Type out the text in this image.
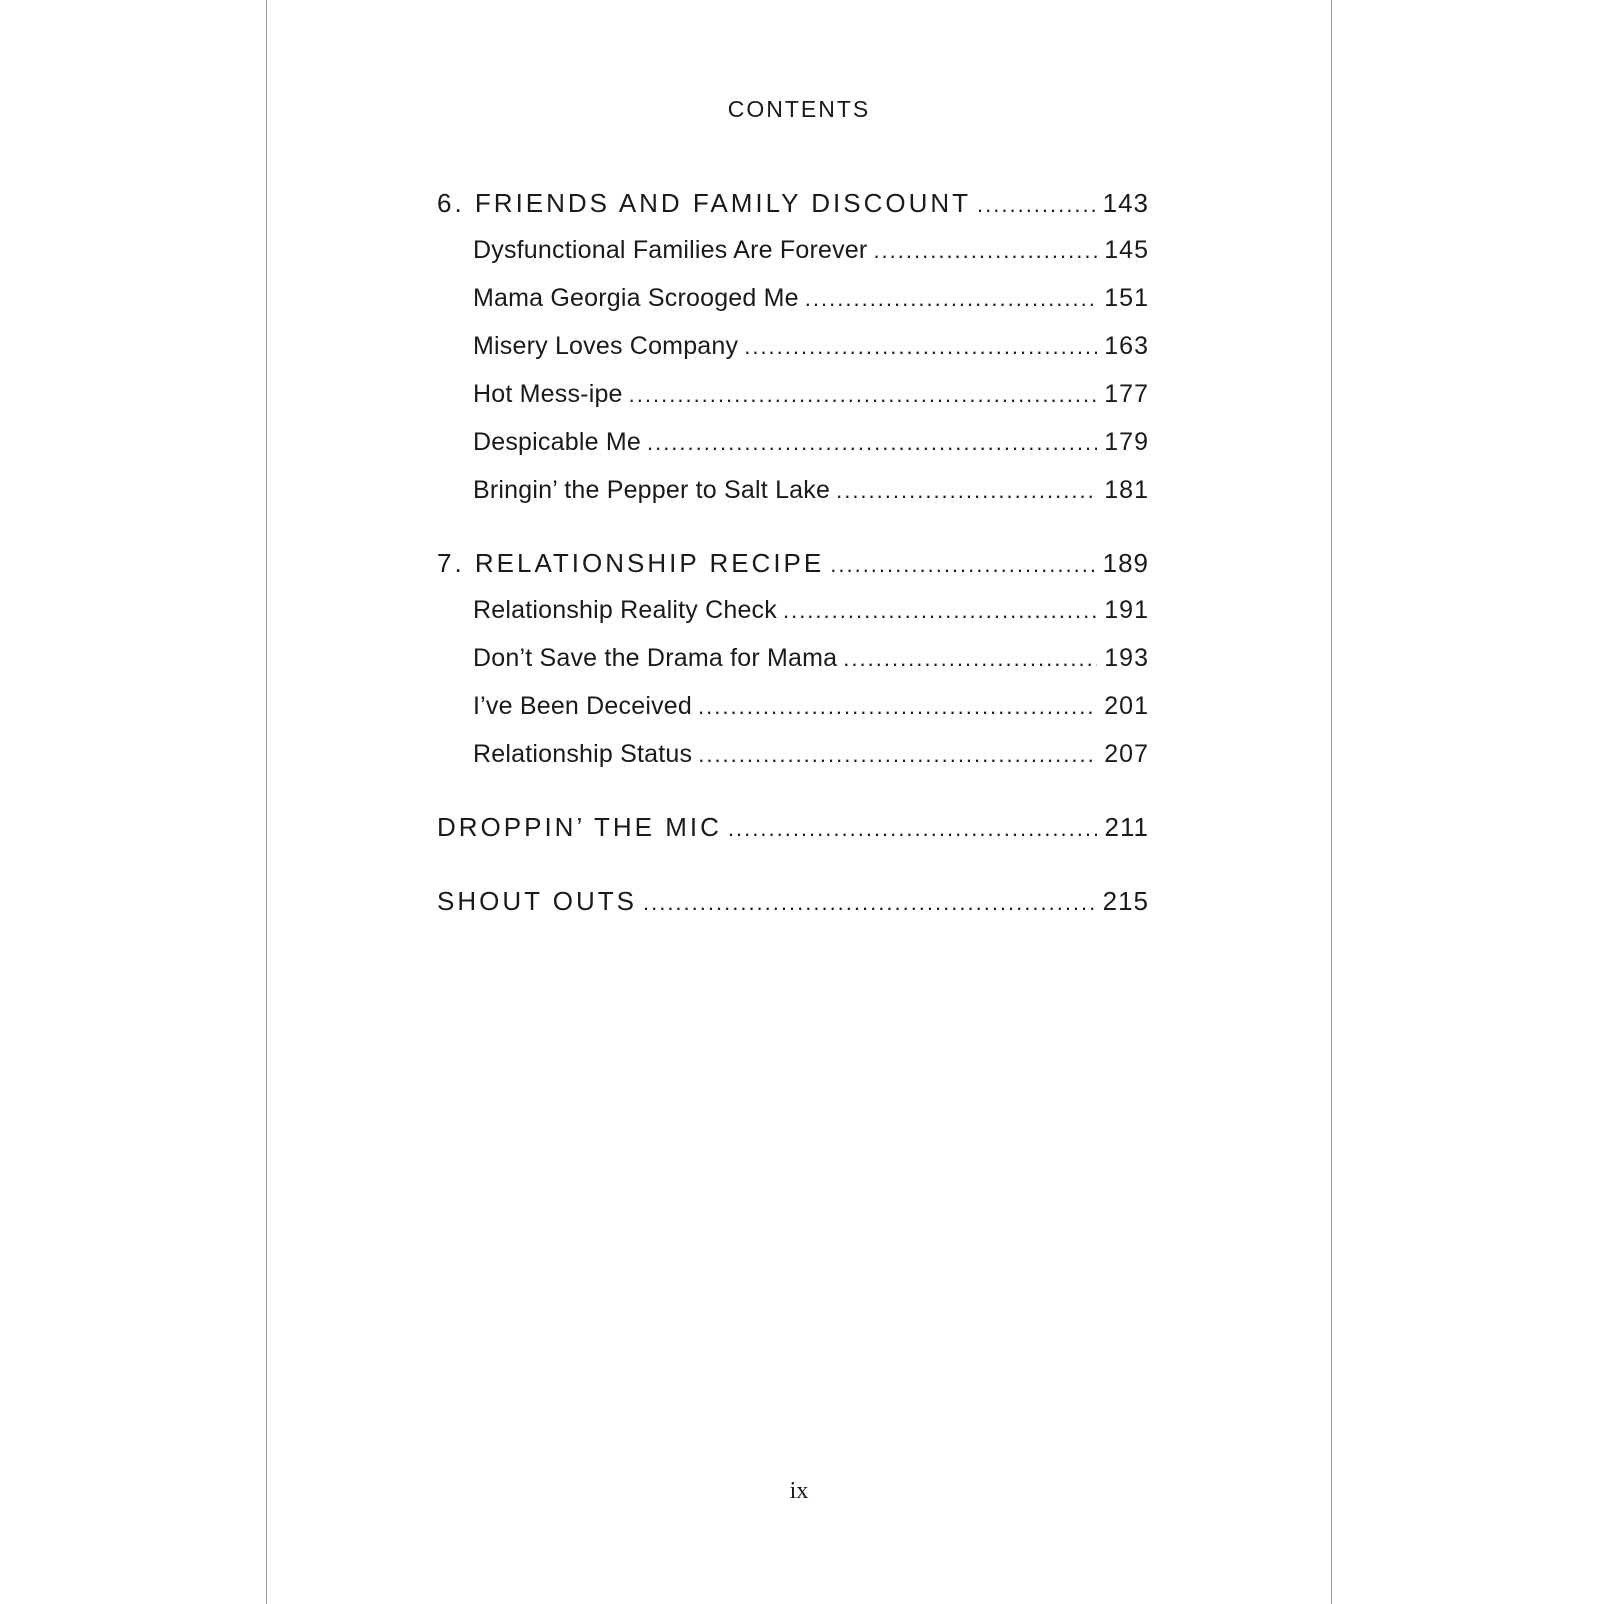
CONTENTS
6. FRIENDS AND FAMILY DISCOUNT .....	143
Dysfunctional Families Are Forever .....	145
Mama Georgia Scrooged Me .....	151
Misery Loves Company .....	163
Hot Mess-ipe .....	177
Despicable Me .....	179
Bringin’ the Pepper to Salt Lake .....	181
7. RELATIONSHIP RECIPE .....	189
Relationship Reality Check .....	191
Don’t Save the Drama for Mama .....	193
I’ve Been Deceived .....	201
Relationship Status .....	207
DROPPIN’ THE MIC .....	211
SHOUT OUTS .....	215
ix
